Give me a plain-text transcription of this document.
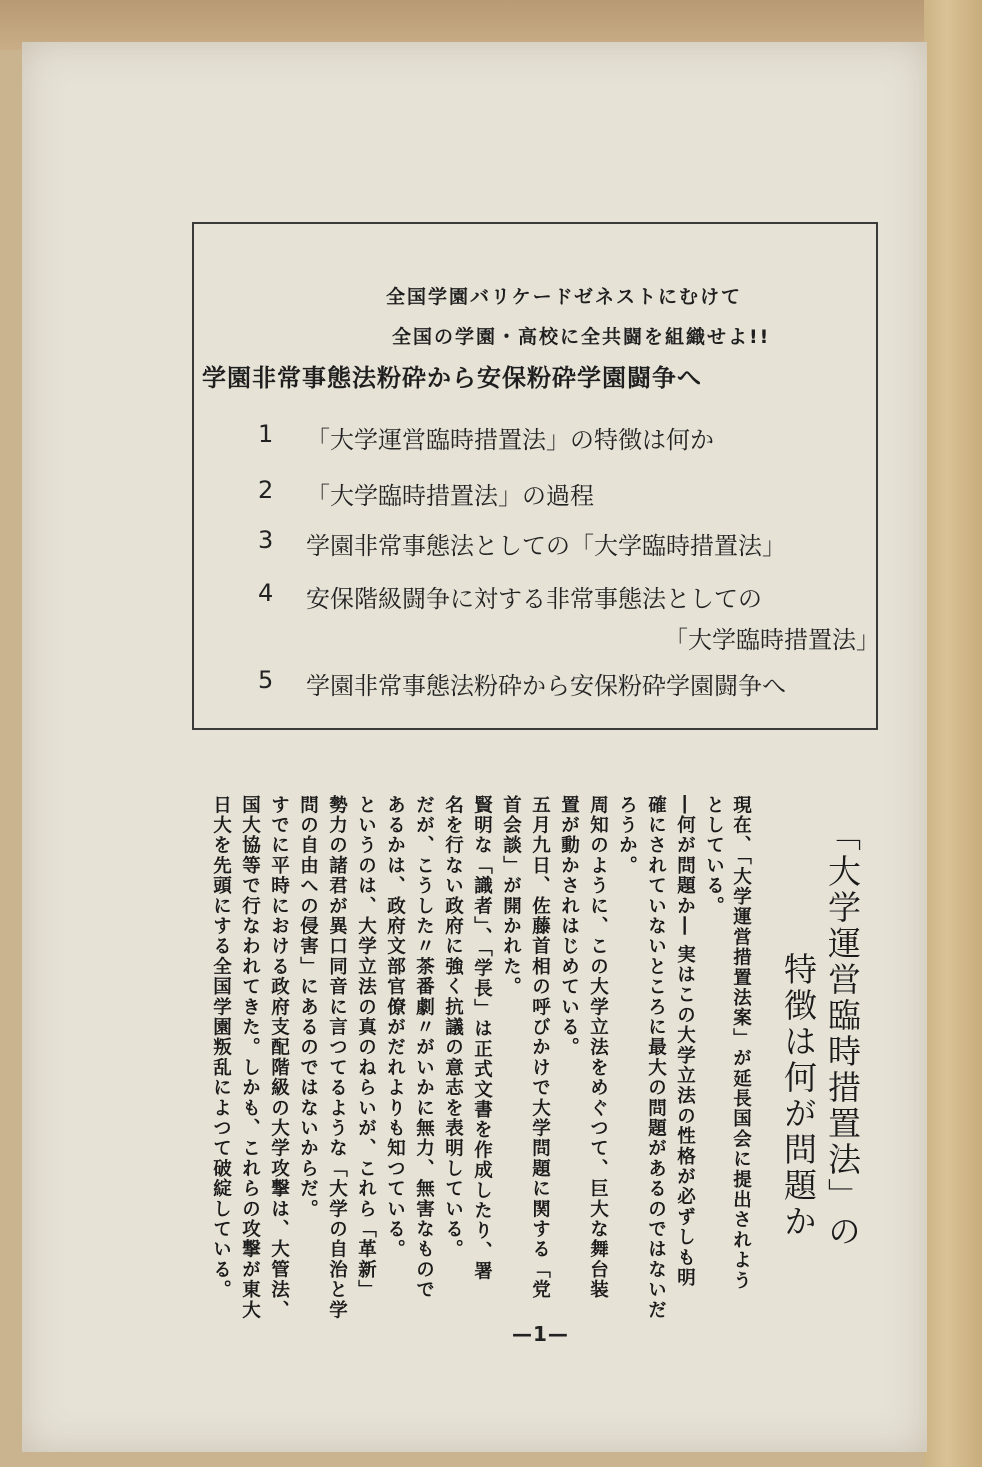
全国学園バリケードゼネストにむけて
全国の学園・高校に全共闘を組織せよ!!
学園非常事態法粉砕から安保粉砕学園闘争へ
1 「大学運営臨時措置法」の特徴は何か
2 「大学臨時措置法」の過程
3 学園非常事態法としての「大学臨時措置法」
4 安保階級闘争に対する非常事態法としての
「大学臨時措置法」
5 学園非常事態法粉砕から安保粉砕学園闘争へ
「大学運営臨時措置法」の
特徴は何が問題か
現在、「大学運営措置法案」が延長国会に提出されよう
としている。
―何が問題か― 実はこの大学立法の性格が必ずしも明
確にされていないところに最大の問題があるのではないだ
ろうか。
周知のように、この大学立法をめぐつて、巨大な舞台装
置が動かされはじめている。
五月九日、佐藤首相の呼びかけで大学問題に関する「党
首会談」が開かれた。
賢明な「識者」、「学長」は正式文書を作成したり、署
名を行ない政府に強く抗議の意志を表明している。
だが、こうした〃茶番劇〃がいかに無力、無害なもので
あるかは、政府文部官僚がだれよりも知つている。
というのは、大学立法の真のねらいが、これら「革新」
勢力の諸君が異口同音に言つてるような「大学の自治と学
問の自由への侵害」にあるのではないからだ。
すでに平時における政府支配階級の大学攻撃は、大管法、
国大協等で行なわれてきた。しかも、これらの攻撃が東大
日大を先頭にする全国学園叛乱によつて破綻している。
—1—
